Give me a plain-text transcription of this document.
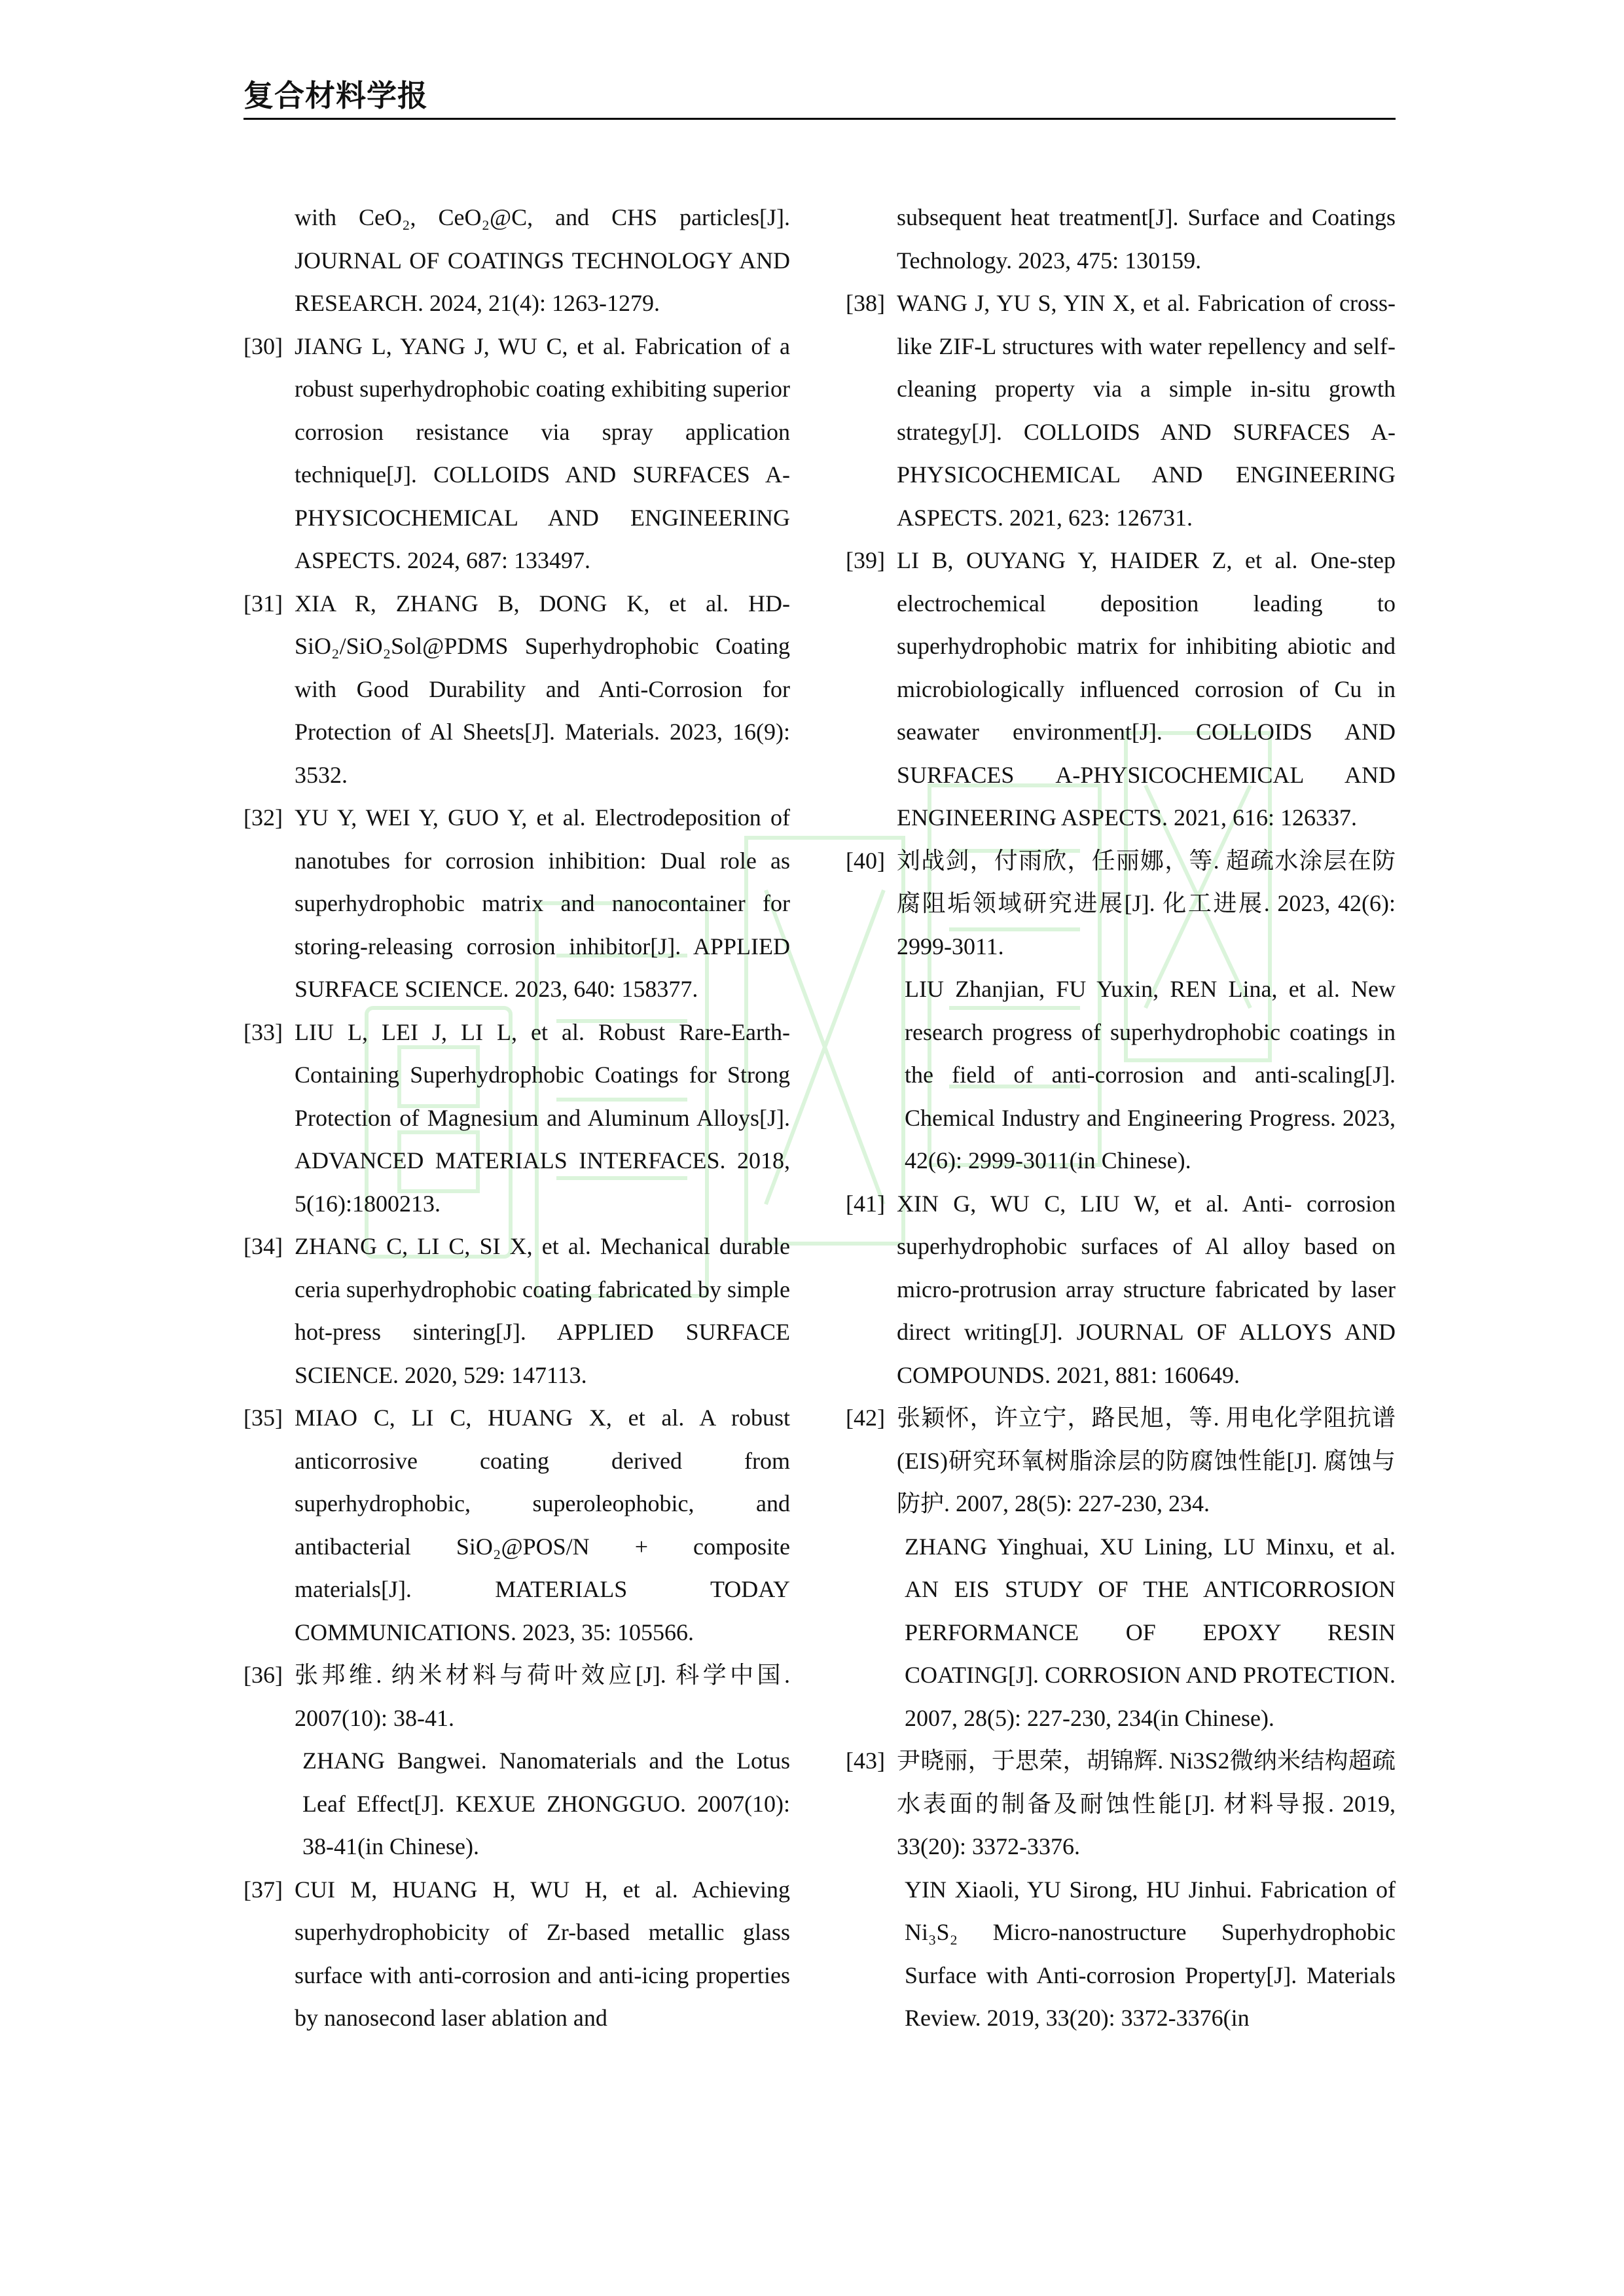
复合材料学报

with CeO₂, CeO₂@C, and CHS particles[J]. JOURNAL OF COATINGS TECHNOLOGY AND RESEARCH. 2024, 21(4): 1263-1279.

[30] JIANG L, YANG J, WU C, et al. Fabrication of a robust superhydrophobic coating exhibiting superior corrosion resistance via spray application technique[J]. COLLOIDS AND SURFACES A-PHYSICOCHEMICAL AND ENGINEERING ASPECTS. 2024, 687: 133497.

[31] XIA R, ZHANG B, DONG K, et al. HD-SiO₂/SiO₂Sol@PDMS Superhydrophobic Coating with Good Durability and Anti-Corrosion for Protection of Al Sheets[J]. Materials. 2023, 16(9): 3532.

[32] YU Y, WEI Y, GUO Y, et al. Electrodeposition of nanotubes for corrosion inhibition: Dual role as superhydrophobic matrix and nanocontainer for storing-releasing corrosion inhibitor[J]. APPLIED SURFACE SCIENCE. 2023, 640: 158377.

[33] LIU L, LEI J, LI L, et al. Robust Rare-Earth-Containing Superhydrophobic Coatings for Strong Protection of Magnesium and Aluminum Alloys[J]. ADVANCED MATERIALS INTERFACES. 2018, 5(16):1800213.

[34] ZHANG C, LI C, SI X, et al. Mechanical durable ceria superhydrophobic coating fabricated by simple hot-press sintering[J]. APPLIED SURFACE SCIENCE. 2020, 529: 147113.

[35] MIAO C, LI C, HUANG X, et al. A robust anticorrosive coating derived from superhydrophobic, superoleophobic, and antibacterial SiO₂@POS/N + composite materials[J]. MATERIALS TODAY COMMUNICATIONS. 2023, 35: 105566.

[36] 张邦维. 纳米材料与荷叶效应[J]. 科学中国. 2007(10): 38-41.
ZHANG Bangwei. Nanomaterials and the Lotus Leaf Effect[J]. KEXUE ZHONGGUO. 2007(10): 38-41(in Chinese).

[37] CUI M, HUANG H, WU H, et al. Achieving superhydrophobicity of Zr-based metallic glass surface with anti-corrosion and anti-icing properties by nanosecond laser ablation and

subsequent heat treatment[J]. Surface and Coatings Technology. 2023, 475: 130159.

[38] WANG J, YU S, YIN X, et al. Fabrication of cross-like ZIF-L structures with water repellency and self-cleaning property via a simple in-situ growth strategy[J]. COLLOIDS AND SURFACES A-PHYSICOCHEMICAL AND ENGINEERING ASPECTS. 2021, 623: 126731.

[39] LI B, OUYANG Y, HAIDER Z, et al. One-step electrochemical deposition leading to superhydrophobic matrix for inhibiting abiotic and microbiologically influenced corrosion of Cu in seawater environment[J]. COLLOIDS AND SURFACES A-PHYSICOCHEMICAL AND ENGINEERING ASPECTS. 2021, 616: 126337.

[40] 刘战剑，付雨欣，任丽娜，等. 超疏水涂层在防腐阻垢领域研究进展[J]. 化工进展. 2023, 42(6): 2999-3011.
LIU Zhanjian, FU Yuxin, REN Lina, et al. New research progress of superhydrophobic coatings in the field of anti-corrosion and anti-scaling[J]. Chemical Industry and Engineering Progress. 2023, 42(6): 2999-3011(in Chinese).

[41] XIN G, WU C, LIU W, et al. Anti- corrosion superhydrophobic surfaces of Al alloy based on micro-protrusion array structure fabricated by laser direct writing[J]. JOURNAL OF ALLOYS AND COMPOUNDS. 2021, 881: 160649.

[42] 张颖怀，许立宁，路民旭，等. 用电化学阻抗谱(EIS)研究环氧树脂涂层的防腐蚀性能[J]. 腐蚀与防护. 2007, 28(5): 227-230, 234.
ZHANG Yinghuai, XU Lining, LU Minxu, et al. AN EIS STUDY OF THE ANTICORROSION PERFORMANCE OF EPOXY RESIN COATING[J]. CORROSION AND PROTECTION. 2007, 28(5): 227-230, 234(in Chinese).

[43] 尹晓丽，于思荣，胡锦辉. Ni3S2微纳米结构超疏水表面的制备及耐蚀性能[J]. 材料导报. 2019, 33(20): 3372-3376.
YIN Xiaoli, YU Sirong, HU Jinhui. Fabrication of Ni₃S₂ Micro-nanostructure Superhydrophobic Surface with Anti-corrosion Property[J]. Materials Review. 2019, 33(20): 3372-3376(in
